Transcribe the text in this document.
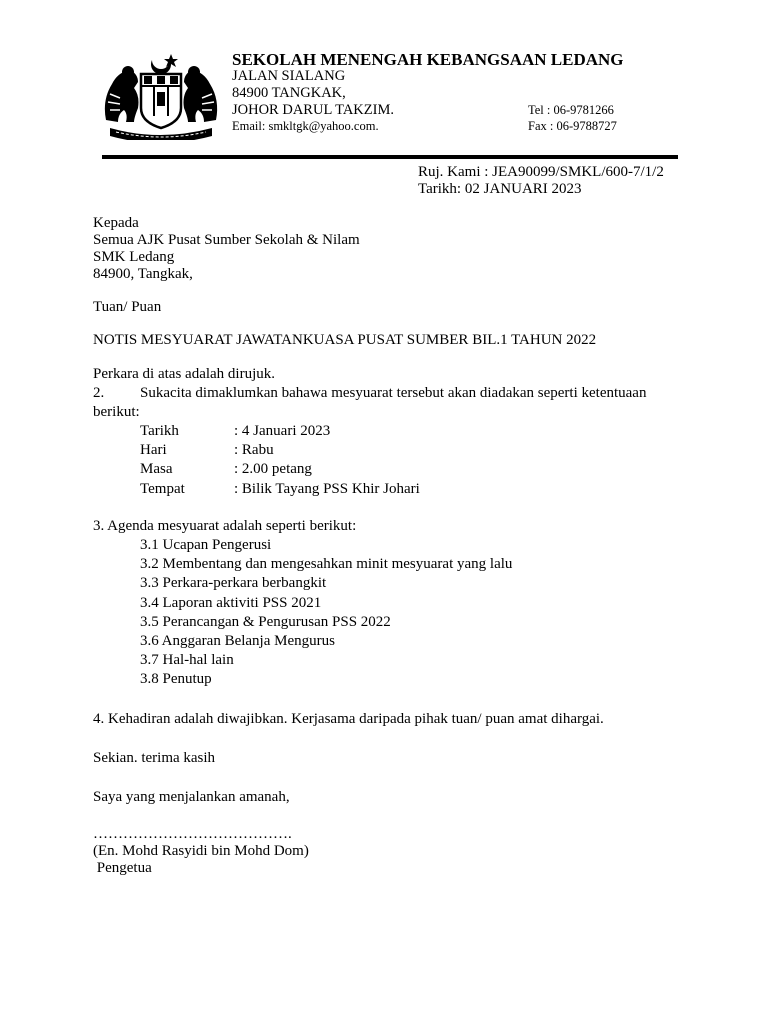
SEKOLAH MENENGAH KEBANGSAAN LEDANG
JALAN SIALANG
84900 TANGKAK,
JOHOR DARUL TAKZIM.
Email: smkltgk@yahoo.com.
Tel : 06-9781266
Fax : 06-9788727
Ruj. Kami : JEA90099/SMKL/600-7/1/2
Tarikh: 02 JANUARI 2023
Kepada
Semua AJK Pusat Sumber Sekolah & Nilam
SMK Ledang
84900, Tangkak,
Tuan/ Puan
NOTIS MESYUARAT JAWATANKUASA PUSAT SUMBER BIL.1 TAHUN 2022
Perkara di atas adalah dirujuk.
2. Sukacita dimaklumkan bahawa mesyuarat tersebut akan diadakan seperti ketentuaan
berikut:
Tarikh	: 4 Januari 2023
Hari	: Rabu
Masa	: 2.00 petang
Tempat	: Bilik Tayang PSS Khir Johari
3. Agenda mesyuarat adalah seperti berikut:
3.1 Ucapan Pengerusi
3.2 Membentang dan mengesahkan minit mesyuarat yang lalu
3.3 Perkara-perkara berbangkit
3.4 Laporan aktiviti PSS 2021
3.5 Perancangan & Pengurusan PSS 2022
3.6 Anggaran Belanja Mengurus
3.7 Hal-hal lain
3.8 Penutup
4. Kehadiran adalah diwajibkan. Kerjasama daripada pihak tuan/ puan amat dihargai.
Sekian. terima kasih
Saya yang menjalankan amanah,
………………………………….
(En. Mohd Rasyidi bin Mohd Dom)
Pengetua
